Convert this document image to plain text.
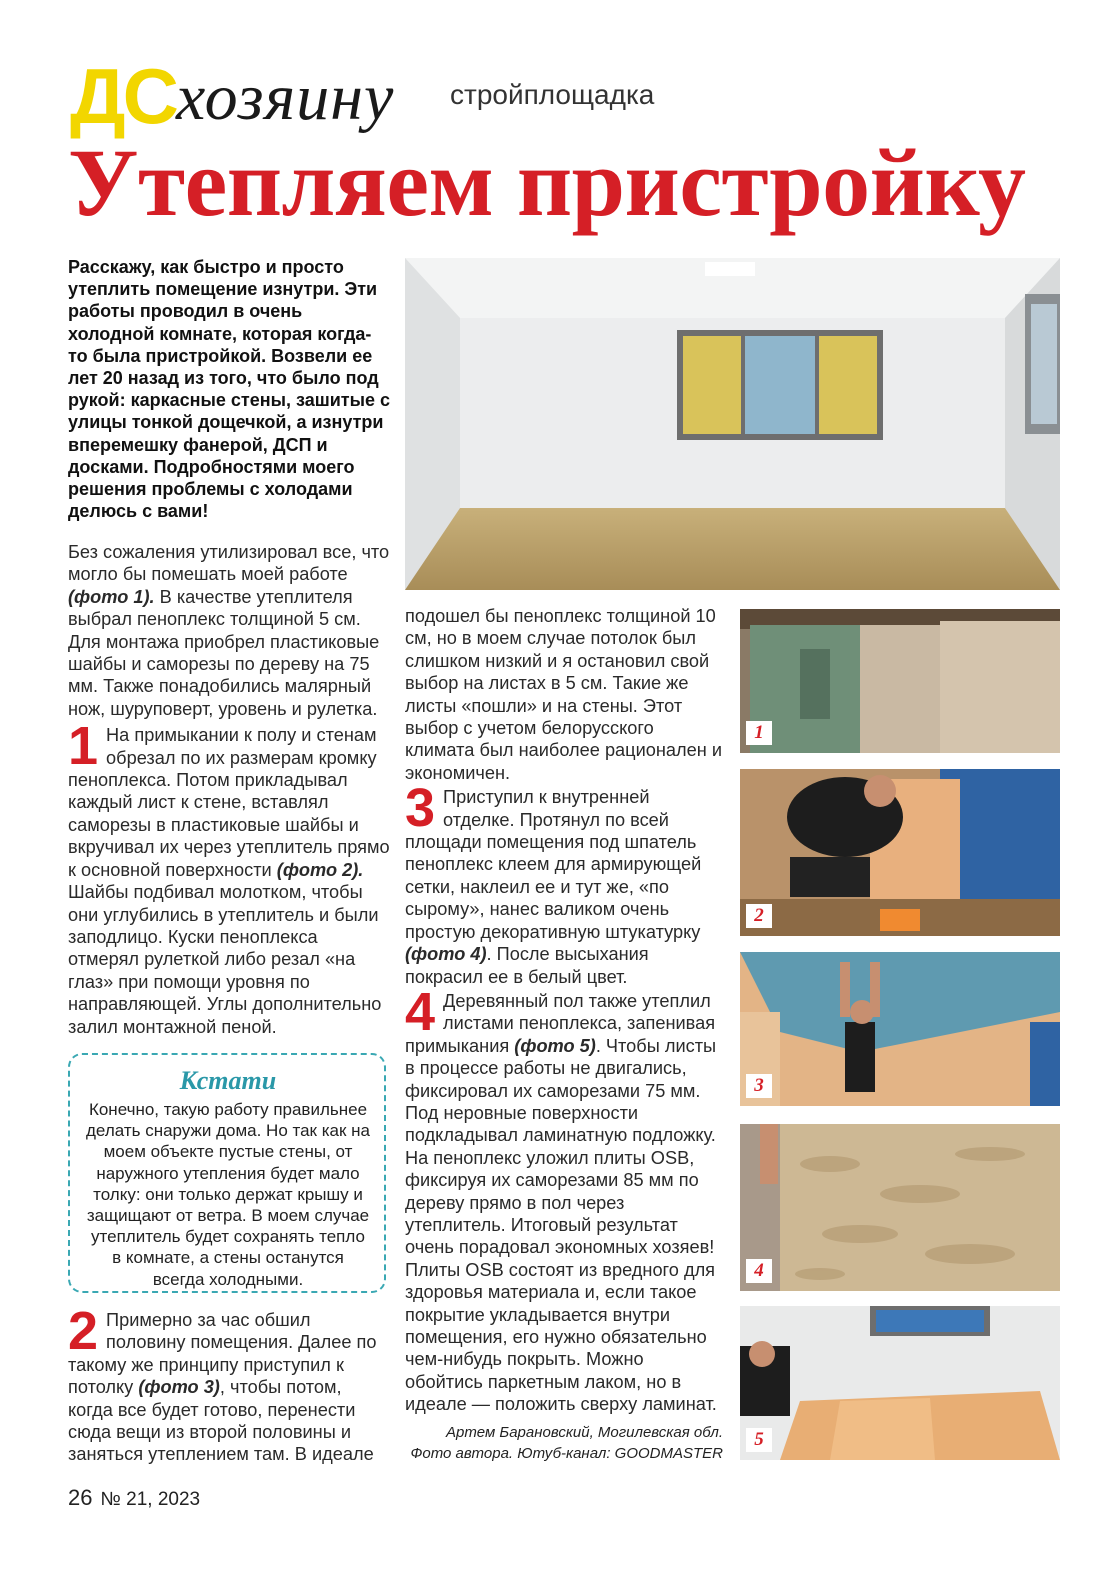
ДС хозяину стройплощадка
Утепляем пристройку
Расскажу, как быстро и просто утеплить помещение изнутри. Эти работы проводил в очень холодной комнате, которая когда-то была пристройкой. Возвели ее лет 20 назад из того, что было под рукой: каркасные стены, зашитые с улицы тонкой дощечкой, а изнутри вперемешку фанерой, ДСП и досками. Подробностями моего решения проблемы с холодами делюсь с вами!

Без сожаления утилизировал все, что могло бы помешать моей работе (фото 1). В качестве утеплителя выбрал пеноплекс толщиной 5 см. Для монтажа приобрел пластиковые шайбы и саморезы по дереву на 75 мм. Также понадобились малярный нож, шуруповерт, уровень и рулетка.

1 На примыкании к полу и стенам обрезал по их размерам кромку пеноплекса. Потом прикладывал каждый лист к стене, вставлял саморезы в пластиковые шайбы и вкручивал их через утеплитель прямо к основной поверхности (фото 2). Шайбы подбивал молотком, чтобы они углубились в утеплитель и были заподлицо. Куски пеноплекса отмерял рулеткой либо резал «на глаз» при помощи уровня по направляющей. Углы дополнительно залил монтажной пеной.

Кстати
Конечно, такую работу правильнее делать снаружи дома. Но так как на моем объекте пустые стены, от наружного утепления будет мало толку: они только держат крышу и защищают от ветра. В моем случае утеплитель будет сохранять тепло в комнате, а стены останутся всегда холодными.

2 Примерно за час обшил половину помещения. Далее по такому же принципу приступил к потолку (фото 3), чтобы потом, когда все будет готово, перенести сюда вещи из второй половины и заняться утеплением там. В идеале

подошел бы пеноплекс толщиной 10 см, но в моем случае потолок был слишком низкий и я остановил свой выбор на листах в 5 см. Такие же листы «пошли» и на стены. Этот выбор с учетом белорусского климата был наиболее рационален и экономичен.

3 Приступил к внутренней отделке. Протянул по всей площади помещения под шпатель пеноплекс клеем для армирующей сетки, наклеил ее и тут же, «по сырому», нанес валиком очень простую декоративную штукатурку (фото 4). После высыхания покрасил ее в белый цвет.

4 Деревянный пол также утеплил листами пеноплекса, запенивая примыкания (фото 5). Чтобы листы в процессе работы не двигались, фиксировал их саморезами 75 мм. Под неровные поверхности подкладывал ламинатную подложку. На пеноплекс уложил плиты OSB, фиксируя их саморезами 85 мм по дереву прямо в пол через утеплитель. Итоговый результат очень порадовал экономных хозяев!

Плиты OSB состоят из вредного для здоровья материала и, если такое покрытие укладывается внутри помещения, его нужно обязательно чем-нибудь покрыть. Можно обойтись паркетным лаком, но в идеале — положить сверху ламинат.

Артем Барановский, Могилевская обл.
Фото автора. Ютуб-канал: GOODMASTER
1
2
3
4
5
26 № 21, 2023
